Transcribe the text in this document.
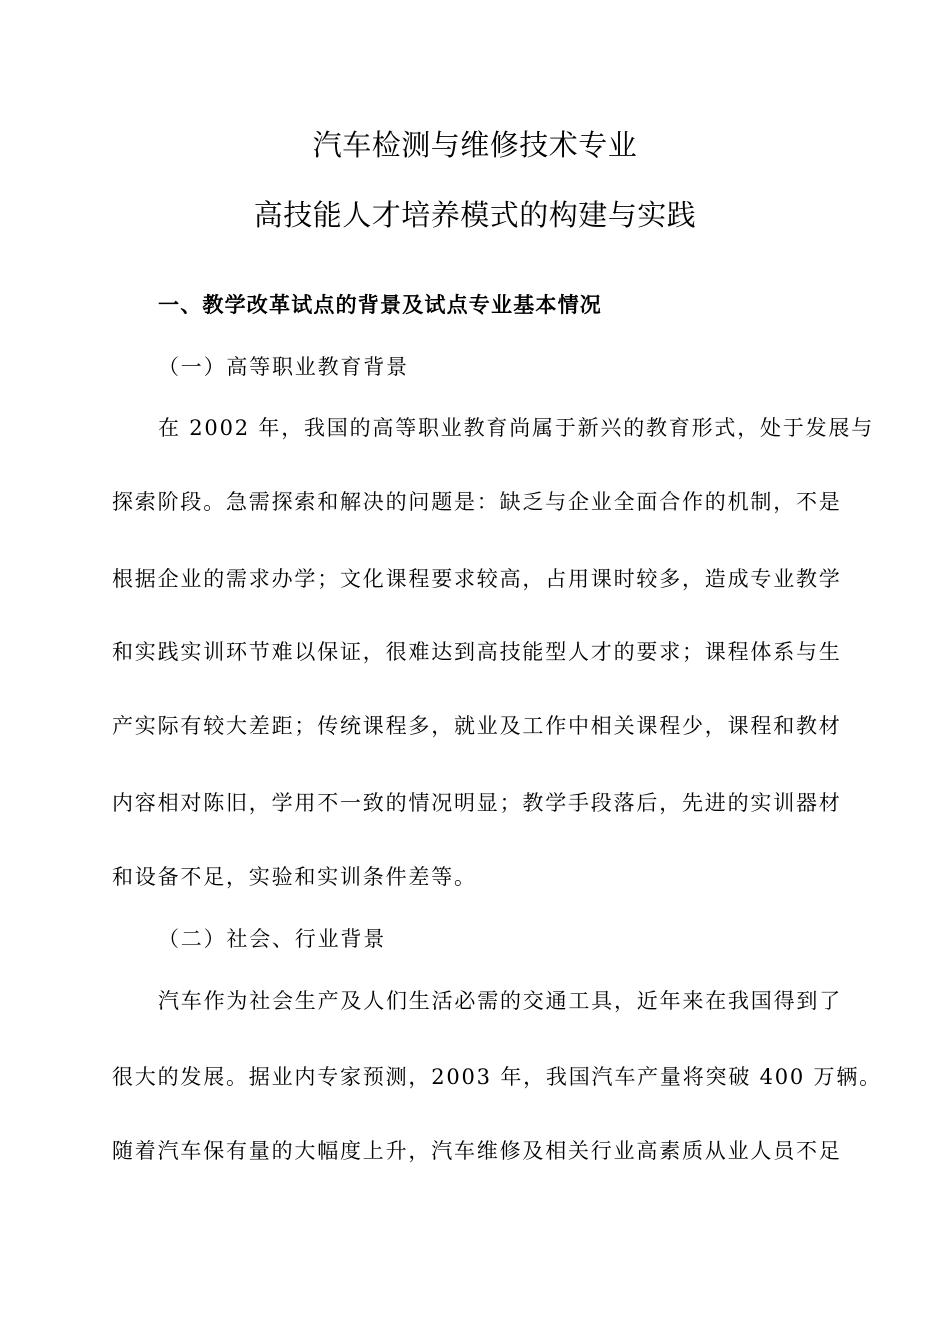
汽车检测与维修技术专业
高技能人才培养模式的构建与实践
一、教学改革试点的背景及试点专业基本情况
（一）高等职业教育背景
在 2002 年，我国的高等职业教育尚属于新兴的教育形式，处于发展与
探索阶段。急需探索和解决的问题是：缺乏与企业全面合作的机制，不是
根据企业的需求办学；文化课程要求较高，占用课时较多，造成专业教学
和实践实训环节难以保证，很难达到高技能型人才的要求；课程体系与生
产实际有较大差距；传统课程多，就业及工作中相关课程少，课程和教材
内容相对陈旧，学用不一致的情况明显；教学手段落后，先进的实训器材
和设备不足，实验和实训条件差等。
（二）社会、行业背景
汽车作为社会生产及人们生活必需的交通工具，近年来在我国得到了
很大的发展。据业内专家预测，2003 年，我国汽车产量将突破 400 万辆。
随着汽车保有量的大幅度上升，汽车维修及相关行业高素质从业人员不足
